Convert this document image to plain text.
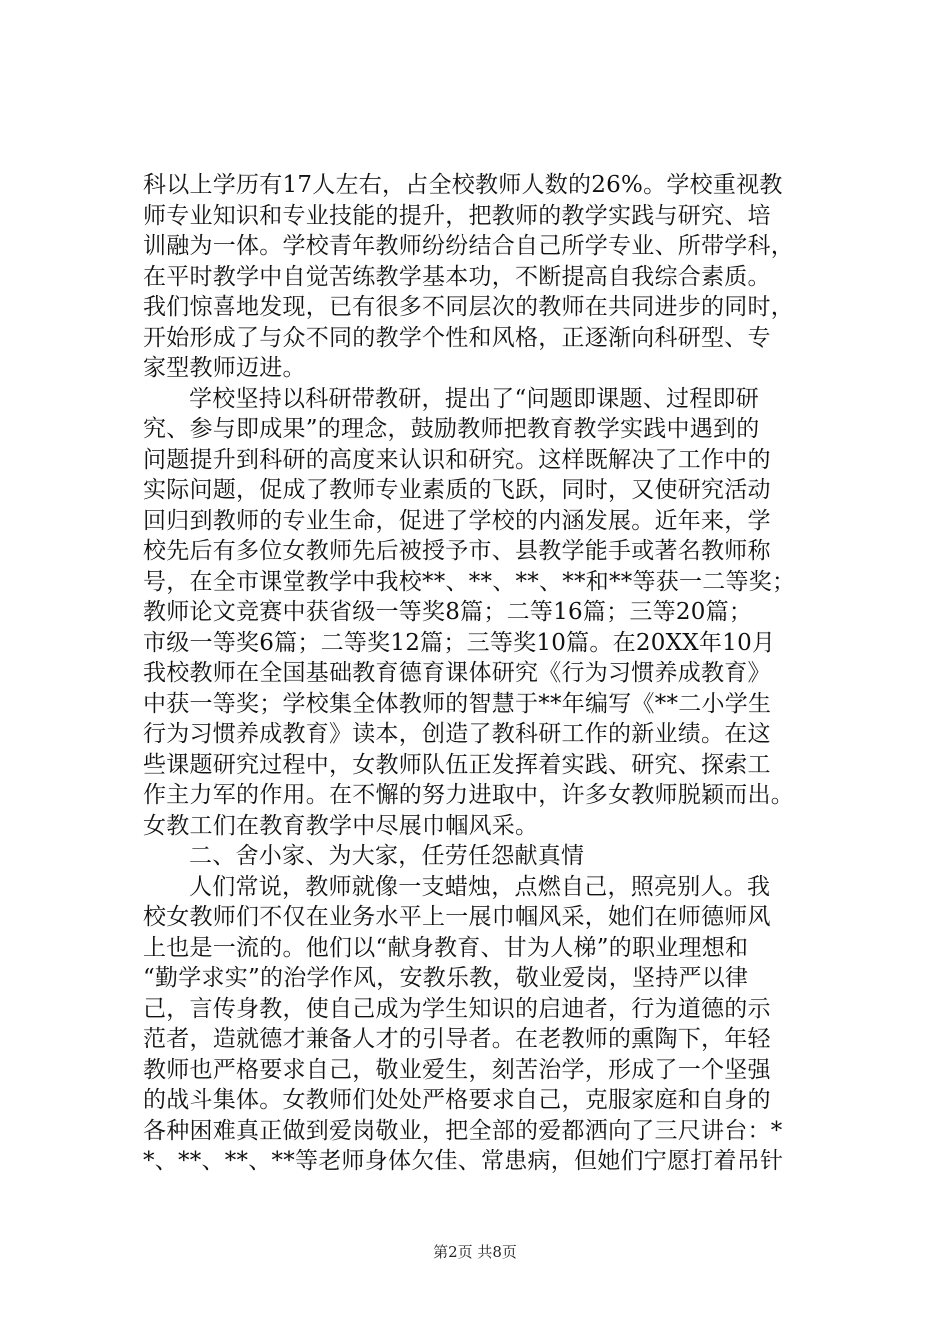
科以上学历有17人左右，占全校教师人数的26%。学校重视教
师专业知识和专业技能的提升，把教师的教学实践与研究、培
训融为一体。学校青年教师纷纷结合自己所学专业、所带学科，
在平时教学中自觉苦练教学基本功，不断提高自我综合素质。
我们惊喜地发现，已有很多不同层次的教师在共同进步的同时，
开始形成了与众不同的教学个性和风格，正逐渐向科研型、专
家型教师迈进。
学校坚持以科研带教研，提出了“问题即课题、过程即研
究、参与即成果”的理念，鼓励教师把教育教学实践中遇到的
问题提升到科研的高度来认识和研究。这样既解决了工作中的
实际问题，促成了教师专业素质的飞跃，同时，又使研究活动
回归到教师的专业生命，促进了学校的内涵发展。近年来，学
校先后有多位女教师先后被授予市、县教学能手或著名教师称
号，在全市课堂教学中我校**、**、**、**和**等获一二等奖；
教师论文竞赛中获省级一等奖8篇；二等16篇；三等20篇；
市级一等奖6篇；二等奖12篇；三等奖10篇。在20XX年10月
我校教师在全国基础教育德育课体研究《行为习惯养成教育》
中获一等奖；学校集全体教师的智慧于**年编写《**二小学生
行为习惯养成教育》读本，创造了教科研工作的新业绩。在这
些课题研究过程中，女教师队伍正发挥着实践、研究、探索工
作主力军的作用。在不懈的努力进取中，许多女教师脱颖而出。
女教工们在教育教学中尽展巾帼风采。
二、舍小家、为大家，任劳任怨献真情
人们常说，教师就像一支蜡烛，点燃自己，照亮别人。我
校女教师们不仅在业务水平上一展巾帼风采，她们在师德师风
上也是一流的。他们以“献身教育、甘为人梯”的职业理想和
“勤学求实”的治学作风，安教乐教，敬业爱岗，坚持严以律
己，言传身教，使自己成为学生知识的启迪者，行为道德的示
范者，造就德才兼备人才的引导者。在老教师的熏陶下，年轻
教师也严格要求自己，敬业爱生，刻苦治学，形成了一个坚强
的战斗集体。女教师们处处严格要求自己，克服家庭和自身的
各种困难真正做到爱岗敬业，把全部的爱都洒向了三尺讲台：*
*、**、**、**等老师身体欠佳、常患病，但她们宁愿打着吊针
第2页 共8页
